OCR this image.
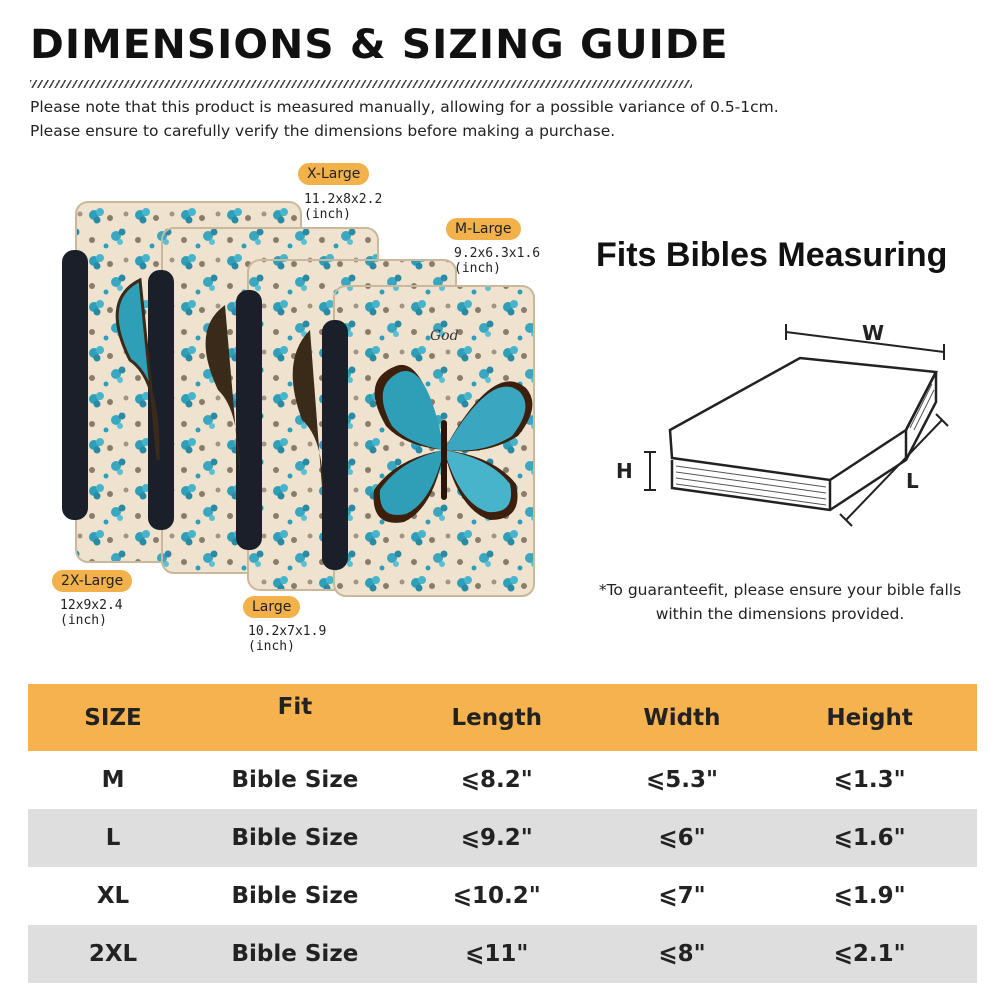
DIMENSIONS & SIZING GUIDE
Please note that this product is measured manually, allowing for a possible variance of 0.5-1cm.
Please ensure to carefully verify the dimensions before making a purchase.
God
X-Large
11.2x8x2.2
(inch)
M-Large
9.2x6.3x1.6
(inch)
2X-Large
12x9x2.4
(inch)
Large
10.2x7x1.9
(inch)
Fits Bibles Measuring
W
H	L
*To guaranteefit, please ensure your bible falls
within the dimensions provided.
SIZE	Fit	Length	Width	Height
M	Bible Size	⩽8.2"	⩽5.3"	⩽1.3"
L	Bible Size	⩽9.2"	⩽6"	⩽1.6"
XL	Bible Size	⩽10.2"	⩽7"	⩽1.9"
2XL	Bible Size	⩽11"	⩽8"	⩽2.1"
